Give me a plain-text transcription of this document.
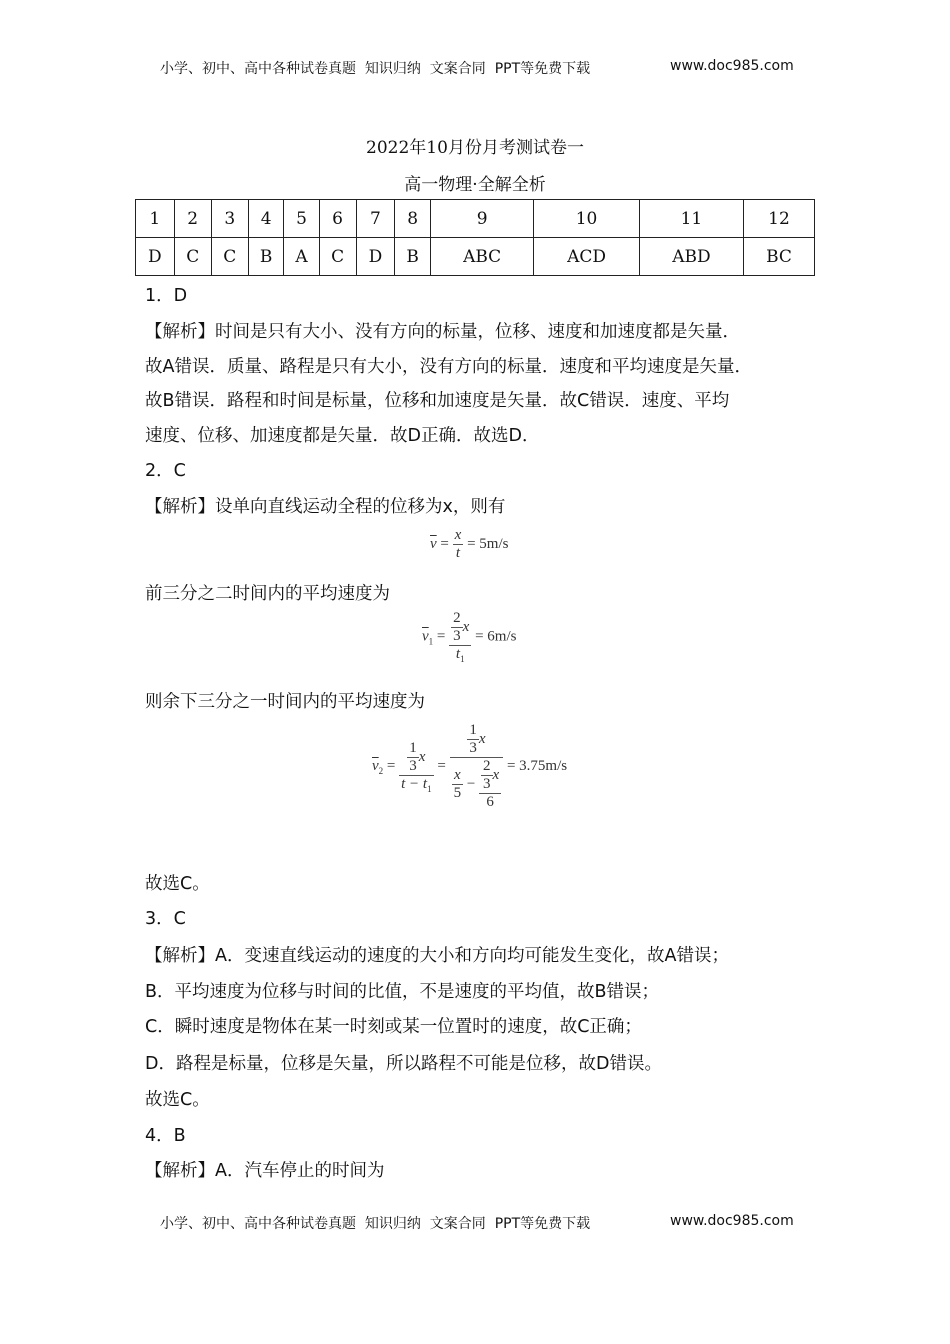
小学、初中、高中各种试卷真题  知识归纳  文案合同  PPT等免费下载	www.doc985.com
2022年10月份月考测试卷一
高一物理·全解全析
1	2	3	4	5	6	7	8	9	10	11	12
D	C	C	B	A	C	D	B	ABC	ACD	ABD	BC
1．D
【解析】时间是只有大小、没有方向的标量，位移、速度和加速度都是矢量．
故A错误．质量、路程是只有大小，没有方向的标量．速度和平均速度是矢量．
故B错误．路程和时间是标量，位移和加速度是矢量．故C错误．速度、平均
速度、位移、加速度都是矢量．故D正确．故选D．
2．C
【解析】设单向直线运动全程的位移为x，则有
前三分之二时间内的平均速度为
则余下三分之一时间内的平均速度为
故选C。
3．C
【解析】A．变速直线运动的速度的大小和方向均可能发生变化，故A错误；
B．平均速度为位移与时间的比值，不是速度的平均值，故B错误；
C．瞬时速度是物体在某一时刻或某一位置时的速度，故C正确；
D．路程是标量，位移是矢量，所以路程不可能是位移，故D错误。
故选C。
4．B
【解析】A．汽车停止的时间为
$\overline{v} = \frac{x}{t} = 5m/s$
$\overline{v}_1 = \frac{\frac{2}{3} x}{t_1} = 6m/s$
$\overline{v}_2 = \frac{\frac{1}{3} x}{t - t_1} = \frac{\frac{1}{3} x}{\frac{x}{5} - \frac{\frac{2}{3} x}{6}} = 3.75m/s$
小学、初中、高中各种试卷真题  知识归纳  文案合同  PPT等免费下载	www.doc985.com
